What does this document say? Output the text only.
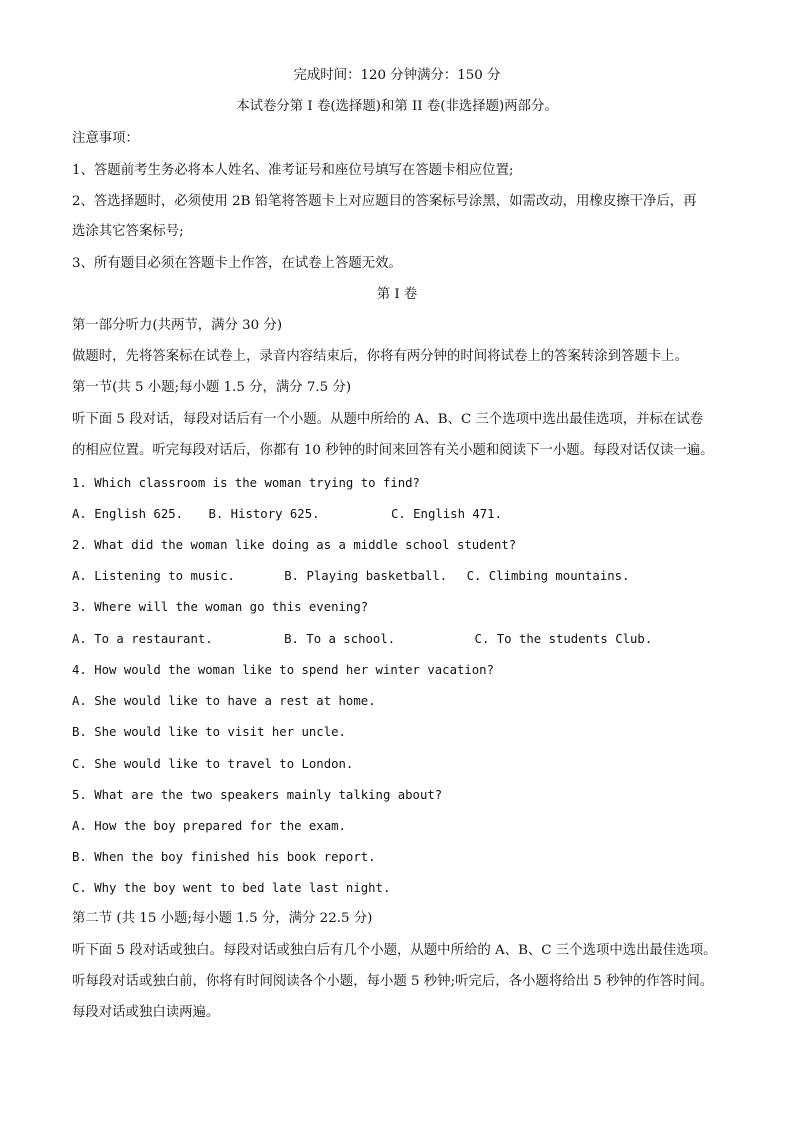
完成时间：120 分钟满分：150 分
本试卷分第 I 卷(选择题)和第 II 卷(非选择题)两部分。
注意事项：
1、答题前考生务必将本人姓名、准考证号和座位号填写在答题卡相应位置;
2、答选择题时，必须使用 2B 铅笔将答题卡上对应题目的答案标号涂黑，如需改动，用橡皮擦干净后，再
选涂其它答案标号;
3、所有题目必须在答题卡上作答，在试卷上答题无效。
第 I 卷
第一部分听力(共两节，满分 30 分)
做题时，先将答案标在试卷上，录音内容结束后，你将有两分钟的时间将试卷上的答案转涂到答题卡上。
第一节(共 5 小题;每小题 1.5 分，满分 7.5 分)
听下面 5 段对话，每段对话后有一个小题。从题中所给的 A、B、C 三个选项中选出最佳选项，并标在试卷
的相应位置。听完每段对话后，你都有 10 秒钟的时间来回答有关小题和阅读下一小题。每段对话仅读一遍。
1. Which classroom is the woman trying to find?
A. English 625. B. History 625.	C. English 471.
2. What did the woman like doing as a middle school student?
A. Listening to music.	B. Playing basketball. C. Climbing mountains.
3. Where will the woman go this evening?
A. To a restaurant.	B. To a school.	C. To the students Club.
4. How would the woman like to spend her winter vacation?
A. She would like to have a rest at home.
B. She would like to visit her uncle.
C. She would like to travel to London.
5. What are the two speakers mainly talking about?
A. How the boy prepared for the exam.
B. When the boy finished his book report.
C. Why the boy went to bed late last night.
第二节 (共 15 小题;每小题 1.5 分，满分 22.5 分)
听下面 5 段对话或独白。每段对话或独白后有几个小题，从题中所给的 A、B、C 三个选项中选出最佳选项。
听每段对话或独白前，你将有时间阅读各个小题，每小题 5 秒钟;听完后，各小题将给出 5 秒钟的作答时间。
每段对话或独白读两遍。
